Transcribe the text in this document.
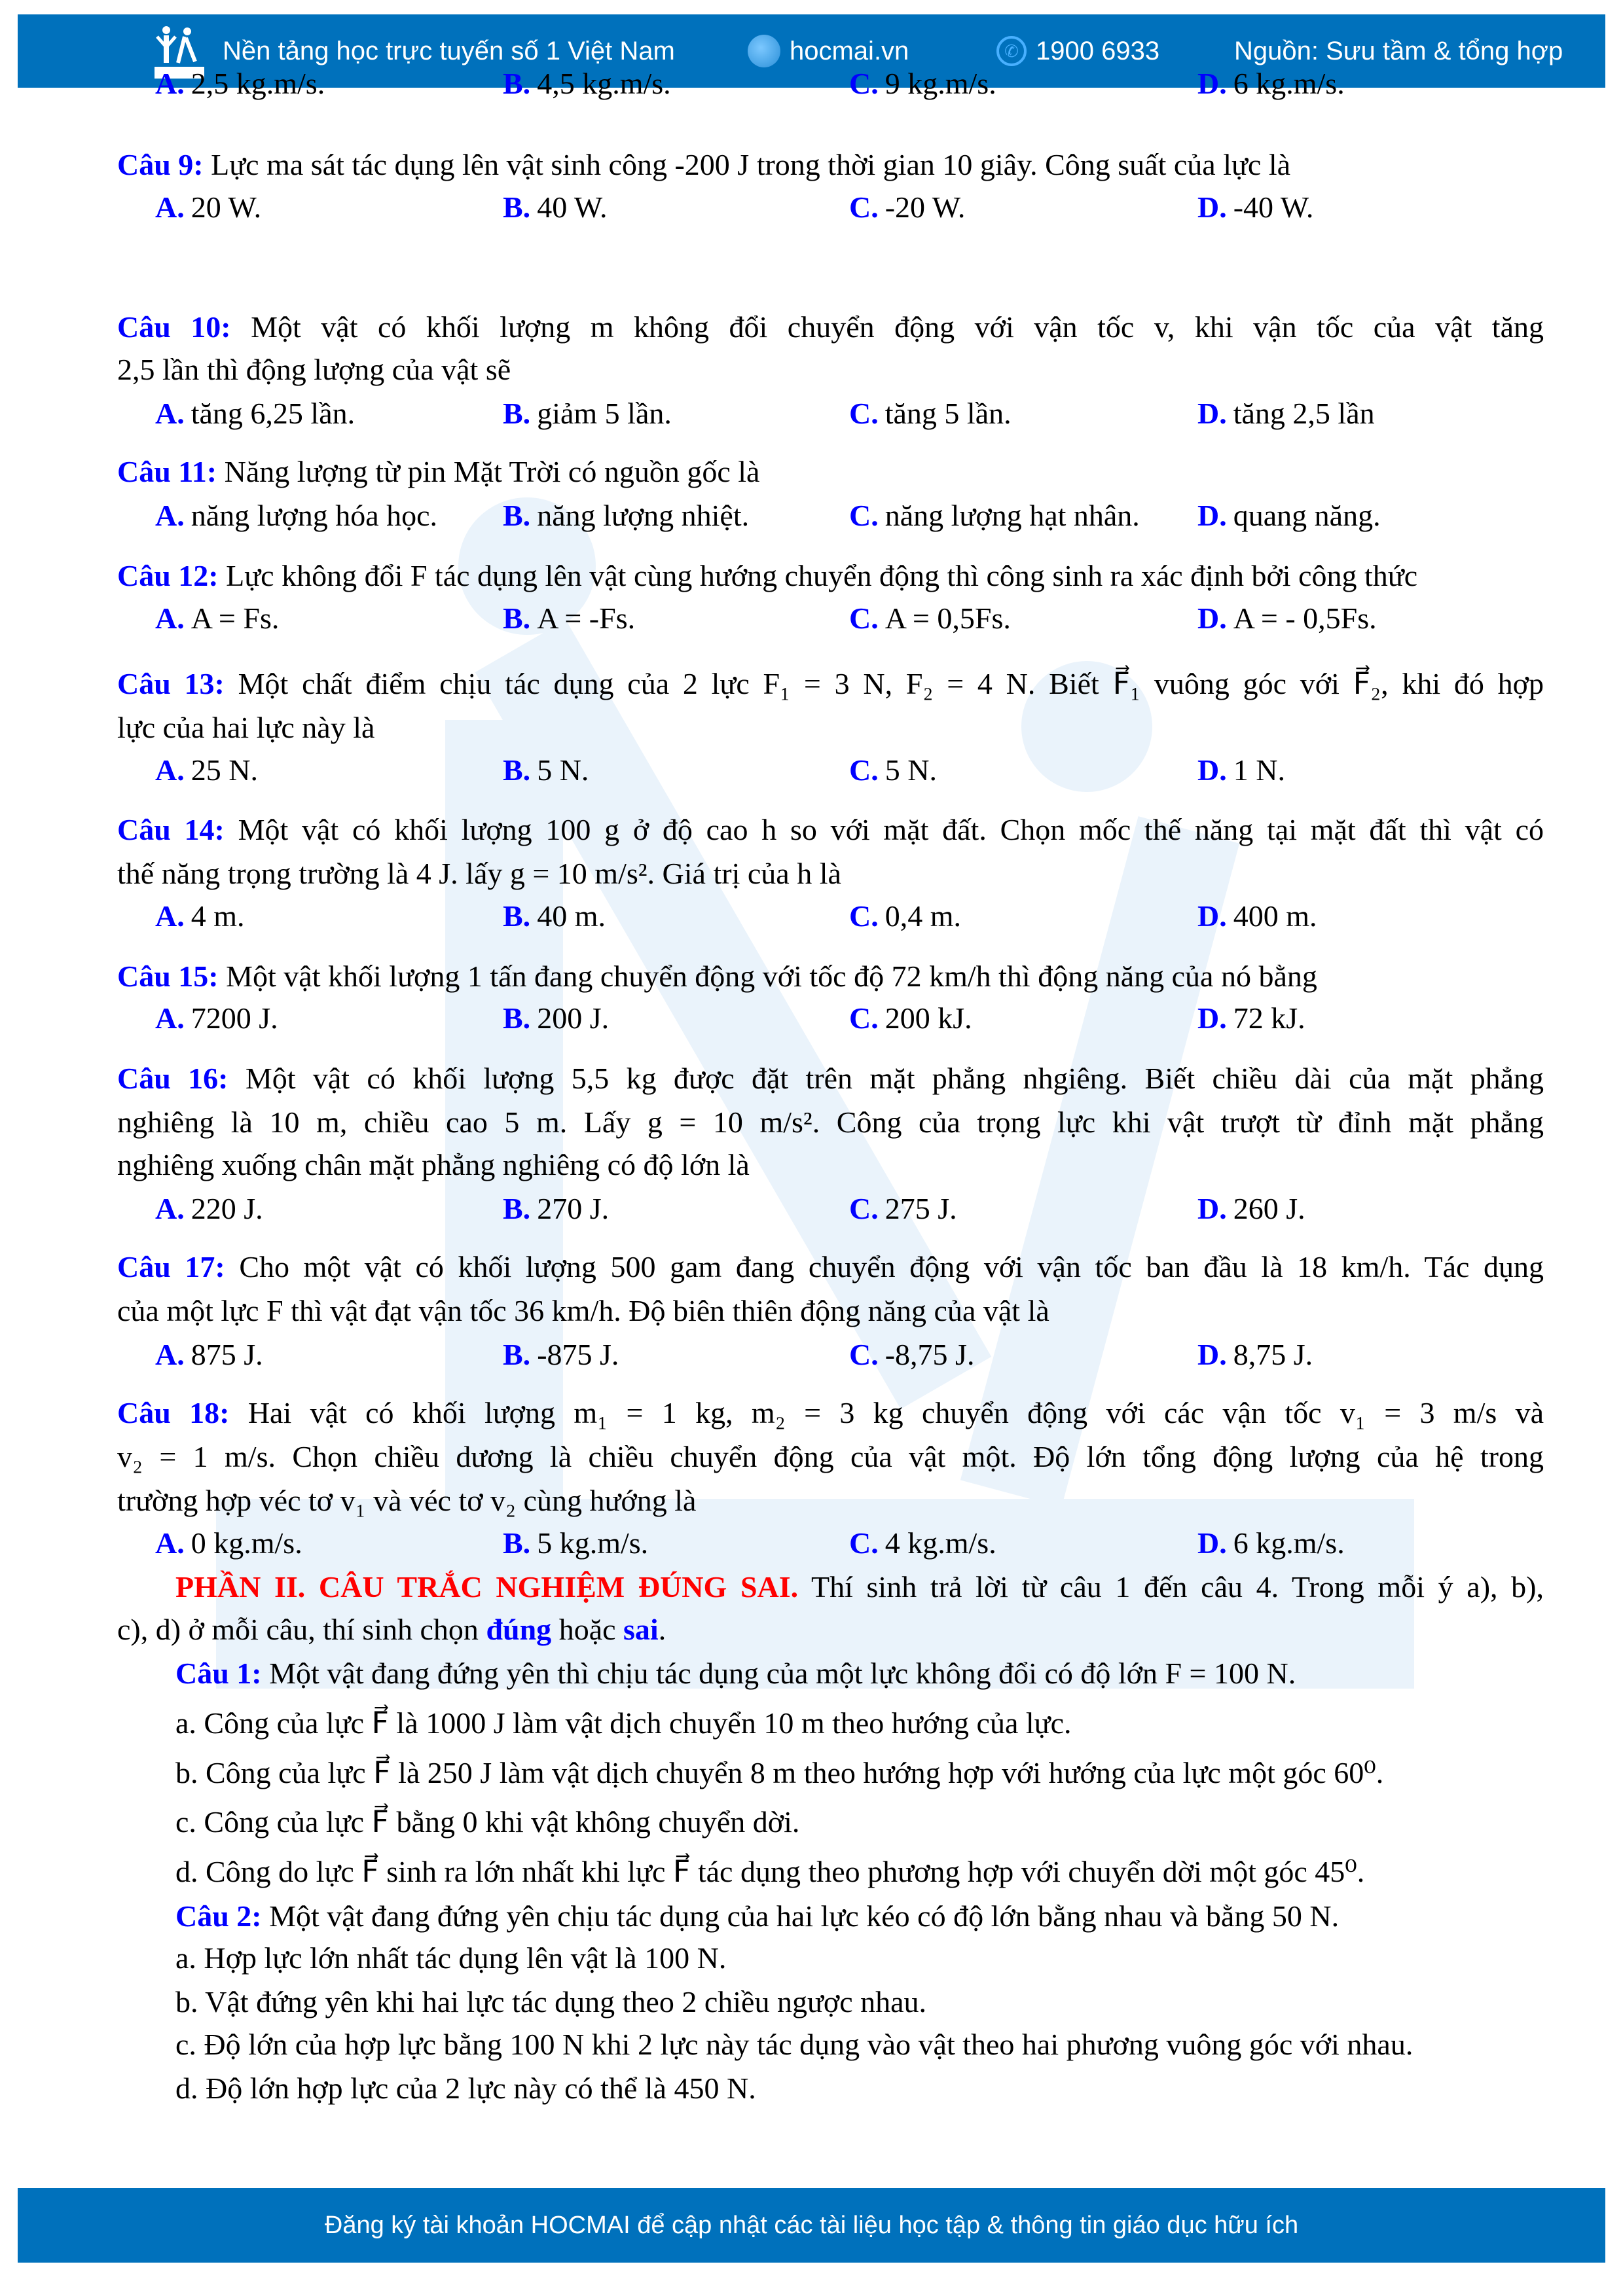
Nền tảng học trực tuyến số 1 Việt Nam	hocmai.vn	✆ 1900 6933	Nguồn: Sưu tầm & tổng hợp
A. 2,5 kg.m/s.	B. 4,5 kg.m/s.	C. 9 kg.m/s.	D. 6 kg.m/s.
Câu 9: Lực ma sát tác dụng lên vật sinh công -200 J trong thời gian 10 giây. Công suất của lực là
A. 20 W.	B. 40 W.	C. -20 W.	D. -40 W.
Câu 10: Một vật có khối lượng m không đổi chuyển động với vận tốc v, khi vận tốc của vật tăng
2,5 lần thì động lượng của vật sẽ
A. tăng 6,25 lần.	B. giảm 5 lần.	C. tăng 5 lần.	D. tăng 2,5 lần
Câu 11: Năng lượng từ pin Mặt Trời có nguồn gốc là
A. năng lượng hóa học. B. năng lượng nhiệt.	C. năng lượng hạt nhân. D. quang năng.
Câu 12: Lực không đổi F tác dụng lên vật cùng hướng chuyển động thì công sinh ra xác định bởi công thức
A. A = Fs.	B. A = -Fs.	C. A = 0,5Fs.	D. A = - 0,5Fs.
Câu 13: Một chất điểm chịu tác dụng của 2 lực F₁ = 3 N, F₂ = 4 N. Biết F⃗₁ vuông góc với F⃗₂, khi đó hợp
lực của hai lực này là
A. 25 N.	B. 5 N.	C. 5 N.	D. 1 N.
Câu 14: Một vật có khối lượng 100 g ở độ cao h so với mặt đất. Chọn mốc thế năng tại mặt đất thì vật có
thế năng trọng trường là 4 J. lấy g = 10 m/s². Giá trị của h là
A. 4 m.	B. 40 m.	C. 0,4 m.	D. 400 m.
Câu 15: Một vật khối lượng 1 tấn đang chuyển động với tốc độ 72 km/h thì động năng của nó bằng
A. 7200 J.	B. 200 J.	C. 200 kJ.	D. 72 kJ.
Câu 16: Một vật có khối lượng 5,5 kg được đặt trên mặt phẳng nhgiêng. Biết chiều dài của mặt phẳng
nghiêng là 10 m, chiều cao 5 m. Lấy g = 10 m/s². Công của trọng lực khi vật trượt từ đỉnh mặt phẳng
nghiêng xuống chân mặt phẳng nghiêng có độ lớn là
A. 220 J.	B. 270 J.	C. 275 J.	D. 260 J.
Câu 17: Cho một vật có khối lượng 500 gam đang chuyển động với vận tốc ban đầu là 18 km/h. Tác dụng
của một lực F thì vật đạt vận tốc 36 km/h. Độ biên thiên động năng của vật là
A. 875 J.	B. -875 J.	C. -8,75 J.	D. 8,75 J.
Câu 18: Hai vật có khối lượng m₁ = 1 kg, m₂ = 3 kg chuyển động với các vận tốc v₁ = 3 m/s và
v₂ = 1 m/s. Chọn chiều dương là chiều chuyển động của vật một. Độ lớn tổng động lượng của hệ trong
trường hợp véc tơ v₁ và véc tơ v₂ cùng hướng là
A. 0 kg.m/s.	B. 5 kg.m/s.	C. 4 kg.m/s.	D. 6 kg.m/s.
PHẦN II. CÂU TRẮC NGHIỆM ĐÚNG SAI. Thí sinh trả lời từ câu 1 đến câu 4. Trong mỗi ý a), b),
c), d) ở mỗi câu, thí sinh chọn đúng hoặc sai.
Câu 1: Một vật đang đứng yên thì chịu tác dụng của một lực không đổi có độ lớn F = 100 N.
a. Công của lực F⃗ là 1000 J làm vật dịch chuyển 10 m theo hướng của lực.
b. Công của lực F⃗ là 250 J làm vật dịch chuyển 8 m theo hướng hợp với hướng của lực một góc 60⁰.
c. Công của lực F⃗ bằng 0 khi vật không chuyển dời.
d. Công do lực F⃗ sinh ra lớn nhất khi lực F⃗ tác dụng theo phương hợp với chuyển dời một góc 45⁰.
Câu 2: Một vật đang đứng yên chịu tác dụng của hai lực kéo có độ lớn bằng nhau và bằng 50 N.
a. Hợp lực lớn nhất tác dụng lên vật là 100 N.
b. Vật đứng yên khi hai lực tác dụng theo 2 chiều ngược nhau.
c. Độ lớn của hợp lực bằng 100 N khi 2 lực này tác dụng vào vật theo hai phương vuông góc với nhau.
d. Độ lớn hợp lực của 2 lực này có thể là 450 N.
Đăng ký tài khoản HOCMAI để cập nhật các tài liệu học tập & thông tin giáo dục hữu ích
